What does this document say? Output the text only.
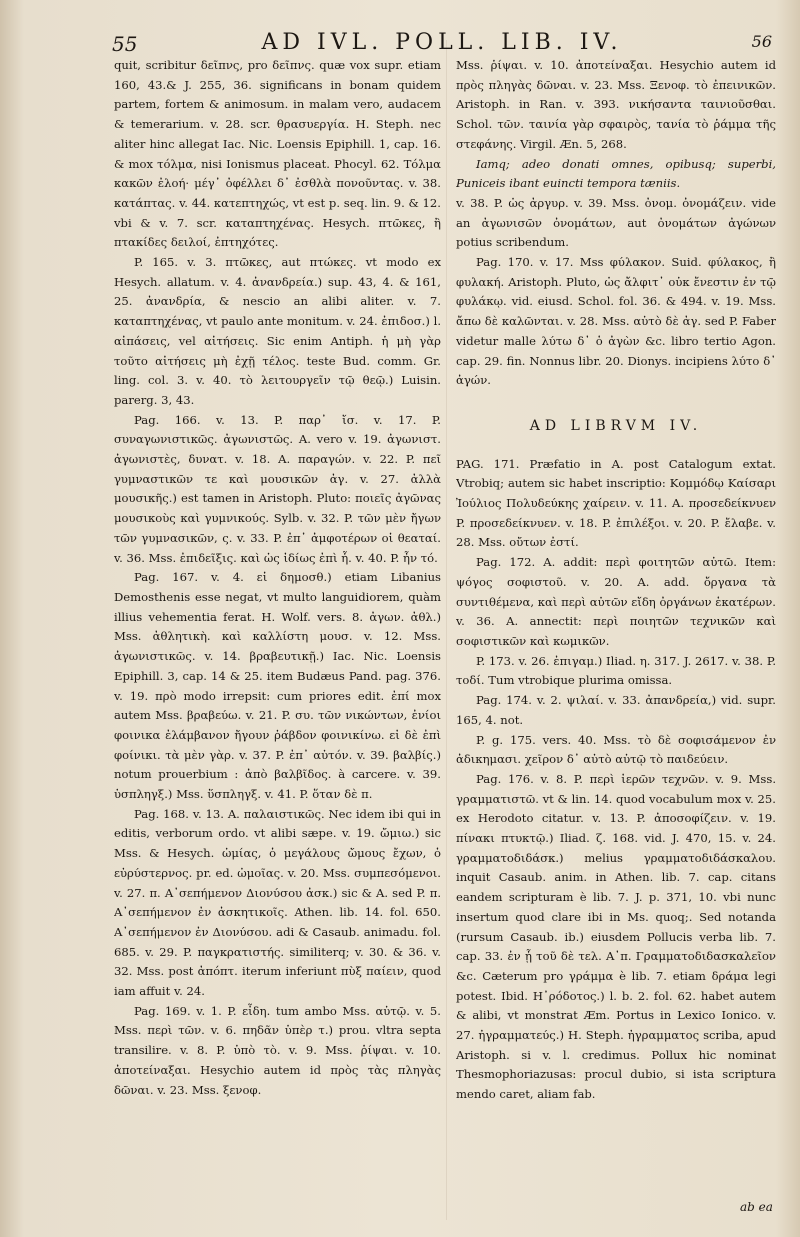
55	AD IVL. POLL. LIB. IV.	56

quit, scribitur δεῖπνς, pro δεῖπνς. quæ vox supr. etiam 160, 43.& J. 255, 36. significans in bonam quidem partem, fortem & animosum. in malam vero, audacem & temerarium. v. 28. scr. θρασυεργία. H. Steph. nec aliter hinc allegat Iac. Nic. Loensis Epiphill. 1, cap. 16. & mox τόλμα, nisi Ionismus placeat. Phocyl. 62. Τόλμα κακῶν ἐλοή· μέγ᾽ ὀφέλλει δ᾽ ἐσθλὰ πονοῦντας. v. 38. κατάπτας. v. 44. κατεπτηχώς, vt est p. seq. lin. 9. & 12. vbi & v. 7. scr. καταπτηχένας. Hesych. πτῶκες, ἢ πτακίδες δειλοί, ἐπτηχότες.

P. 165. v. 3. πτῶκες, aut πτώκες. vt modo ex Hesych. allatum. v. 4. ἀνανδρεία.) sup. 43, 4. & 161, 25. ἀνανδρία, & nescio an alibi aliter. v. 7. καταπτηχένας, vt paulo ante monitum. v. 24. ἐπιδοσ.) l. αἰπάσεις, vel αἰτήσεις. Sic enim Antiph. ἡ μὴ γὰρ τοῦτο αἰτήσεις μὴ ἐχῇ τέλος. teste Bud. comm. Gr. ling. col. 3. v. 40. τὸ λειτουργεῖν τῷ θεῷ.) Luisin. parerg. 3, 43.

Pag. 166. v. 13. P. παρ᾽ ἴσ. v. 17. P. συναγωνιστικῶς. ἀγωνιστῶς. A. vero v. 19. ἀγωνιστ. ἀγωνιστὲς, δυνατ. v. 18. A. παραγών. v. 22. P. πεῖ γυμναστικῶν τε καὶ μουσικῶν ἀγ. v. 27. ἀλλὰ μουσικῆς.) est tamen in Aristoph. Pluto: ποιεῖς ἀγῶνας μουσικοὺς καὶ γυμνικούς. Sylb. v. 32. P. τῶν μὲν ἤγων τῶν γυμνασικῶν, ς. v. 33. P. ἐπ᾽ ἀμφοτέρων οἱ θεαταί. v. 36. Mss. ἐπιδεῖξις. καὶ ὡς ἰδίως ἐπὶ ἧ. v. 40. P. ἦν τό.

Pag. 167. v. 4. εἰ δημοσθ.) etiam Libanius Demosthenis esse negat, vt multo languidiorem, quàm illius vehementia ferat. H. Wolf. vers. 8. ἀγων. ἀθλ.) Mss. ἀθλητικὴ. καὶ καλλίστη μουσ. v. 12. Mss. ἀγωνιστικῶς. v. 14. βραβευτικῇ.) Iac. Nic. Loensis Epiphill. 3, cap. 14 & 25. item Budæus Pand. pag. 376. v. 19. πρὸ modo irrepsit: cum priores edit. ἐπί mox autem Mss. βραβεύω. v. 21. P. συ. τῶν νικώντων, ἐνίοι φοινικα ἐλάμβανον ἤγουν ῥάβδον φοινικίνω. εἰ δὲ ἐπὶ φοίνικι. τὰ μὲν γὰρ. v. 37. P. ἐπ᾽ αὐτόν. v. 39. βαλβίς.) notum prouerbium : ἀπὸ βαλβῖδος. à carcere. v. 39. ὑσπληγξ.) Mss. ὕσπληγξ. v. 41. P. ὅταν δὲ π.

Pag. 168. v. 13. A. παλαιστικῶς. Nec idem ibi qui in editis, verborum ordo. vt alibi sæpe. v. 19. ὤμιω.) sic Mss. & Hesych. ὠμίας, ὁ μεγάλους ὤμους ἔχων, ὁ εὐρύστερνος. pr. ed. ὠμοῖας. v. 20. Mss. συμπεσόμενοι. v. 27. π. Α᾽σεπήμενον Διονύσου ἀσκ.) sic & A. sed P. π. Α᾽σεπήμενον ἐν ἀσκητικοῖς. Athen. lib. 14. fol. 650. Α᾽σεπήμενον ἐν Διονύσου. adi & Casaub. animadu. fol. 685. v. 29. P. παγκρατιστής. similiterq; v. 30. & 36. v. 32. Mss. post ἀπόπτ. iterum inferiunt πὺξ παίειν, quod iam affuit v. 24.

Pag. 169. v. 1. P. εἶδη. tum ambo Mss. αὐτῷ. v. 5. Mss. περὶ τῶν. v. 6. πηδᾶν ὑπὲρ τ.) prou. vltra septa transilire. v. 8. P. ὑπὸ τὸ. v. 9. Mss. ῥίψαι. v. 10. ἀποτείναξαι. Hesychio autem id πρὸς τὰς πληγὰς δῶναι. v. 23. Mss. ξενοφ.

Mss. ῥίψαι. v. 10. ἀποτείναξαι. Hesychio autem id πρὸς πληγὰς δῶναι. v. 23. Mss. Ξενοφ. τὸ ἐπεινικῶν. Aristoph. in Ran. v. 393. νικήσαντα ταινιοῦσθαι. Schol. τῶν. ταινία γὰρ σφαιρὸς, τανία τὸ ῥάμμα τῆς στεφάνης. Virgil. Æn. 5, 268.

Iamq; adeo donati omnes, opibusq; superbi, Puniceis ibant euincti tempora tæniis.

v. 38. P. ὡς ἀργυρ. v. 39. Mss. ὀνομ. ὀνομάζειν. vide an ἀγωνισῶν ὀνομάτων, aut ὀνομάτων ἀγώνων potius scribendum.

Pag. 170. v. 17. Mss φύλακον. Suid. φύλακος, ἢ φυλακή. Aristoph. Pluto, ὡς ἄλφιτ᾽ οὐκ ἔνεστιν ἐν τῷ φυλάκῳ. vid. eiusd. Schol. fol. 36. & 494. v. 19. Mss. ἄπω δὲ καλῶνται. v. 28. Mss. αὐτὸ δὲ ἀγ. sed P. Faber videtur malle λύτω δ᾽ ὁ ἀγὼν &c. libro tertio Agon. cap. 29. fin. Nonnus libr. 20. Dionys. incipiens λύτο δ᾽ ἀγών.

AD LIBRVM IV.

PAG. 171. Præfatio in A. post Catalogum extat. Vtrobiq; autem sic habet inscriptio: Κομμόδῳ Καίσαρι Ἰούλιος Πολυδεύκης χαίρειν. v. 11. A. προσεδείκνυεν P. προσεδείκνυεν. v. 18. P. ἐπιλέξοι. v. 20. P. ἔλαβε. v. 28. Mss. οὔτων ἐστί.

Pag. 172. A. addit: περὶ φοιτητῶν αὐτῶ. Item: ψόγος σοφιστοῦ. v. 20. A. add. ὄργανα τὰ συντιθέμενα, καὶ περὶ αὐτῶν εἴδη ὀργάνων ἑκατέρων. v. 36. A. annectit: περὶ ποιητῶν τεχνικῶν καὶ σοφιστικῶν καὶ κωμικῶν.

P. 173. v. 26. ἐπιγαμ.) Iliad. η. 317. J. 2617. v. 38. P. τοδί. Tum vtrobique plurima omissa.

Pag. 174. v. 2. ψιλαί. v. 33. ἀπανδρεία,) vid. supr. 165, 4. not.

P. g. 175. vers. 40. Mss. τὸ δὲ σοφισάμενον ἐν ἀδικημασι. χεῖρον δ᾽ αὐτὸ αὐτῷ τὸ παιδεύειν.

Pag. 176. v. 8. P. περὶ ἱερῶν τεχνῶν. v. 9. Mss. γραμματιστῶ. vt & lin. 14. quod vocabulum mox v. 25. ex Herodoto citatur. v. 13. P. ἀποσοφίζειν. v. 19. πίνακι πτυκτῷ.) Iliad. ζ. 168. vid. J. 470, 15. v. 24. γραμματοδιδάσκ.) melius γραμματοδιδάσκαλου. inquit Casaub. anim. in Athen. lib. 7. cap. citans eandem scripturam è lib. 7. J. p. 371, 10. vbi nunc insertum quod clare ibi in Ms. quoq;. Sed notanda (rursum Casaub. ib.) eiusdem Pollucis verba lib. 7. cap. 33. ἐν ᾗ τοῦ δὲ τελ. Α᾽π. Γραμματοδιδασκαλεῖον &c. Cæterum pro γράμμα è lib. 7. etiam δράμα legi potest. Ibid. Η᾽ρόδοτος.) l. b. 2. fol. 62. habet autem & alibi, vt monstrat Æm. Portus in Lexico Ionico. v. 27. ἠγραμματεύς.) H. Steph. ἠγραμματος scriba, apud Aristoph. si v. l. credimus. Pollux hic nominat Thesmophoriazusas: procul dubio, si ista scriptura mendo caret, aliam fab.

ab ea
